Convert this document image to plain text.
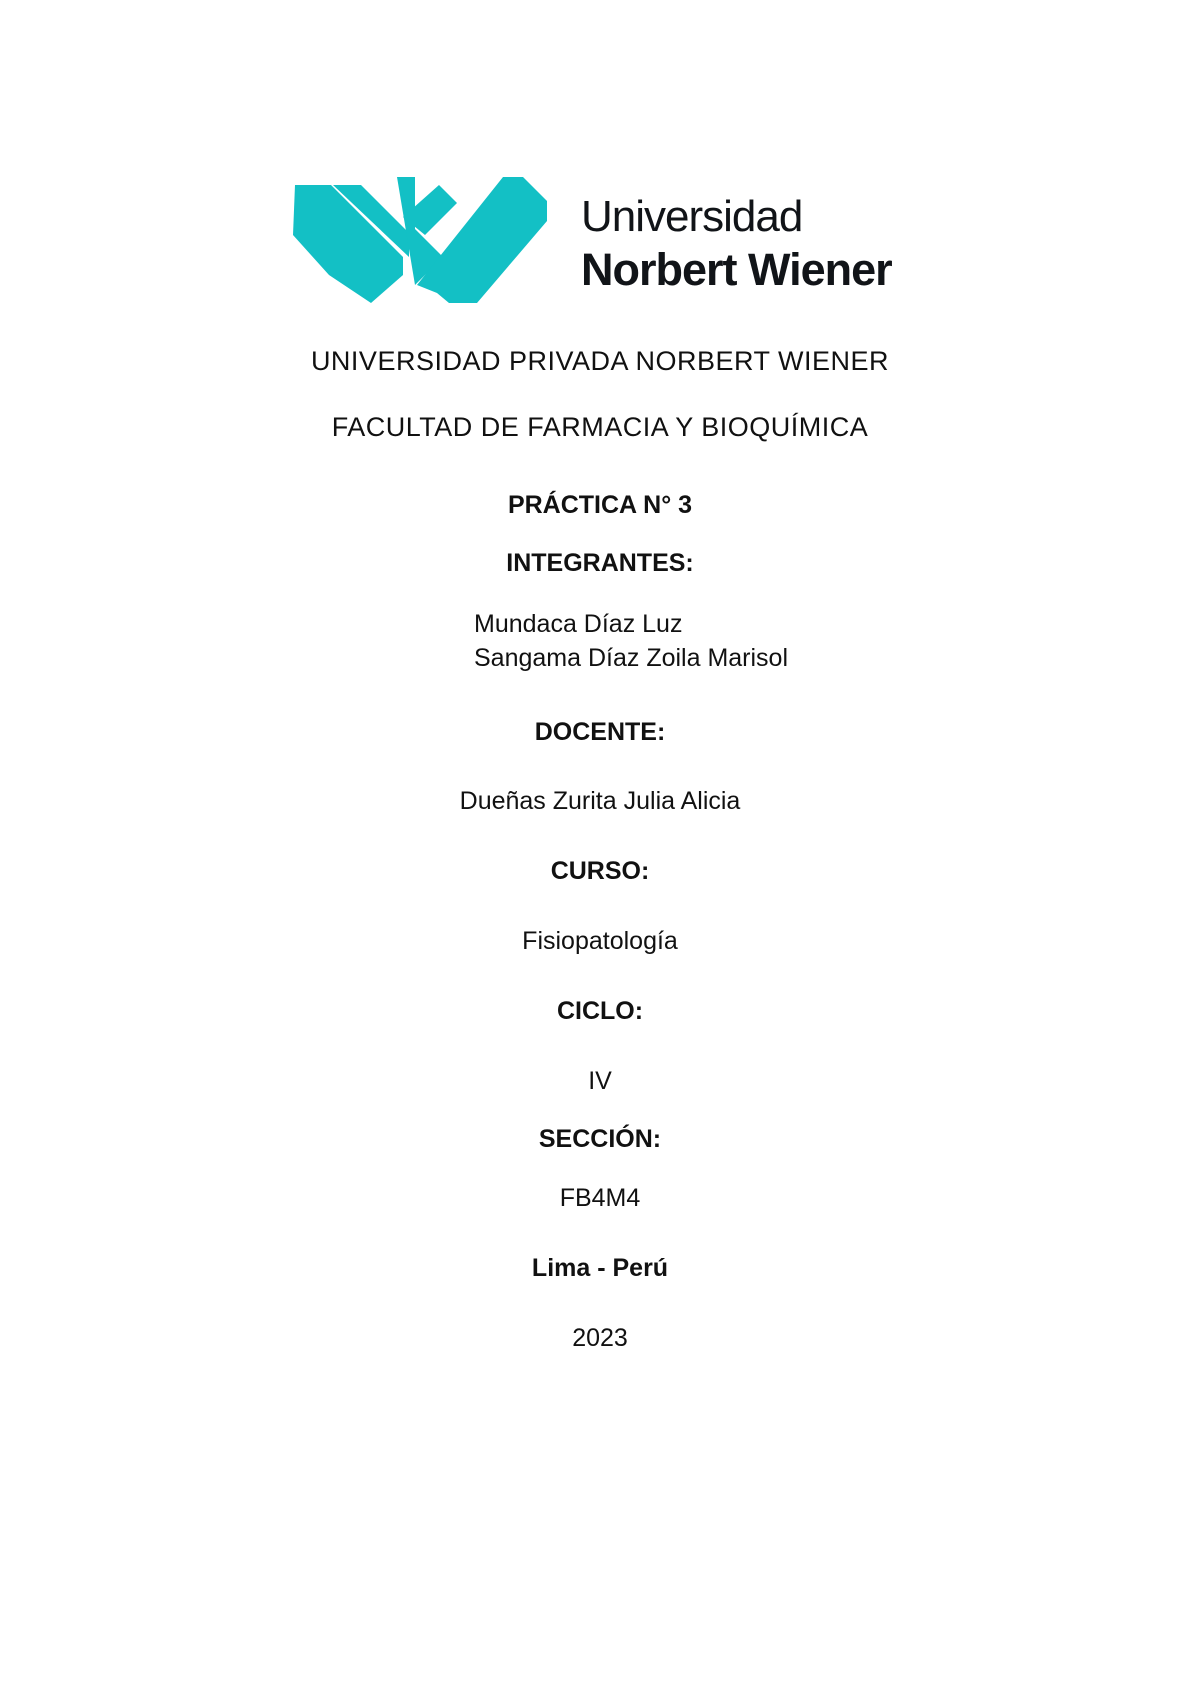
Universidad
Norbert Wiener
UNIVERSIDAD PRIVADA NORBERT WIENER
FACULTAD DE FARMACIA Y BIOQUÍMICA
PRÁCTICA N° 3
INTEGRANTES:
Mundaca Díaz Luz
Sangama Díaz Zoila Marisol
DOCENTE:
Dueñas Zurita Julia Alicia
CURSO:
Fisiopatología
CICLO:
IV
SECCIÓN:
FB4M4
Lima - Perú
2023
